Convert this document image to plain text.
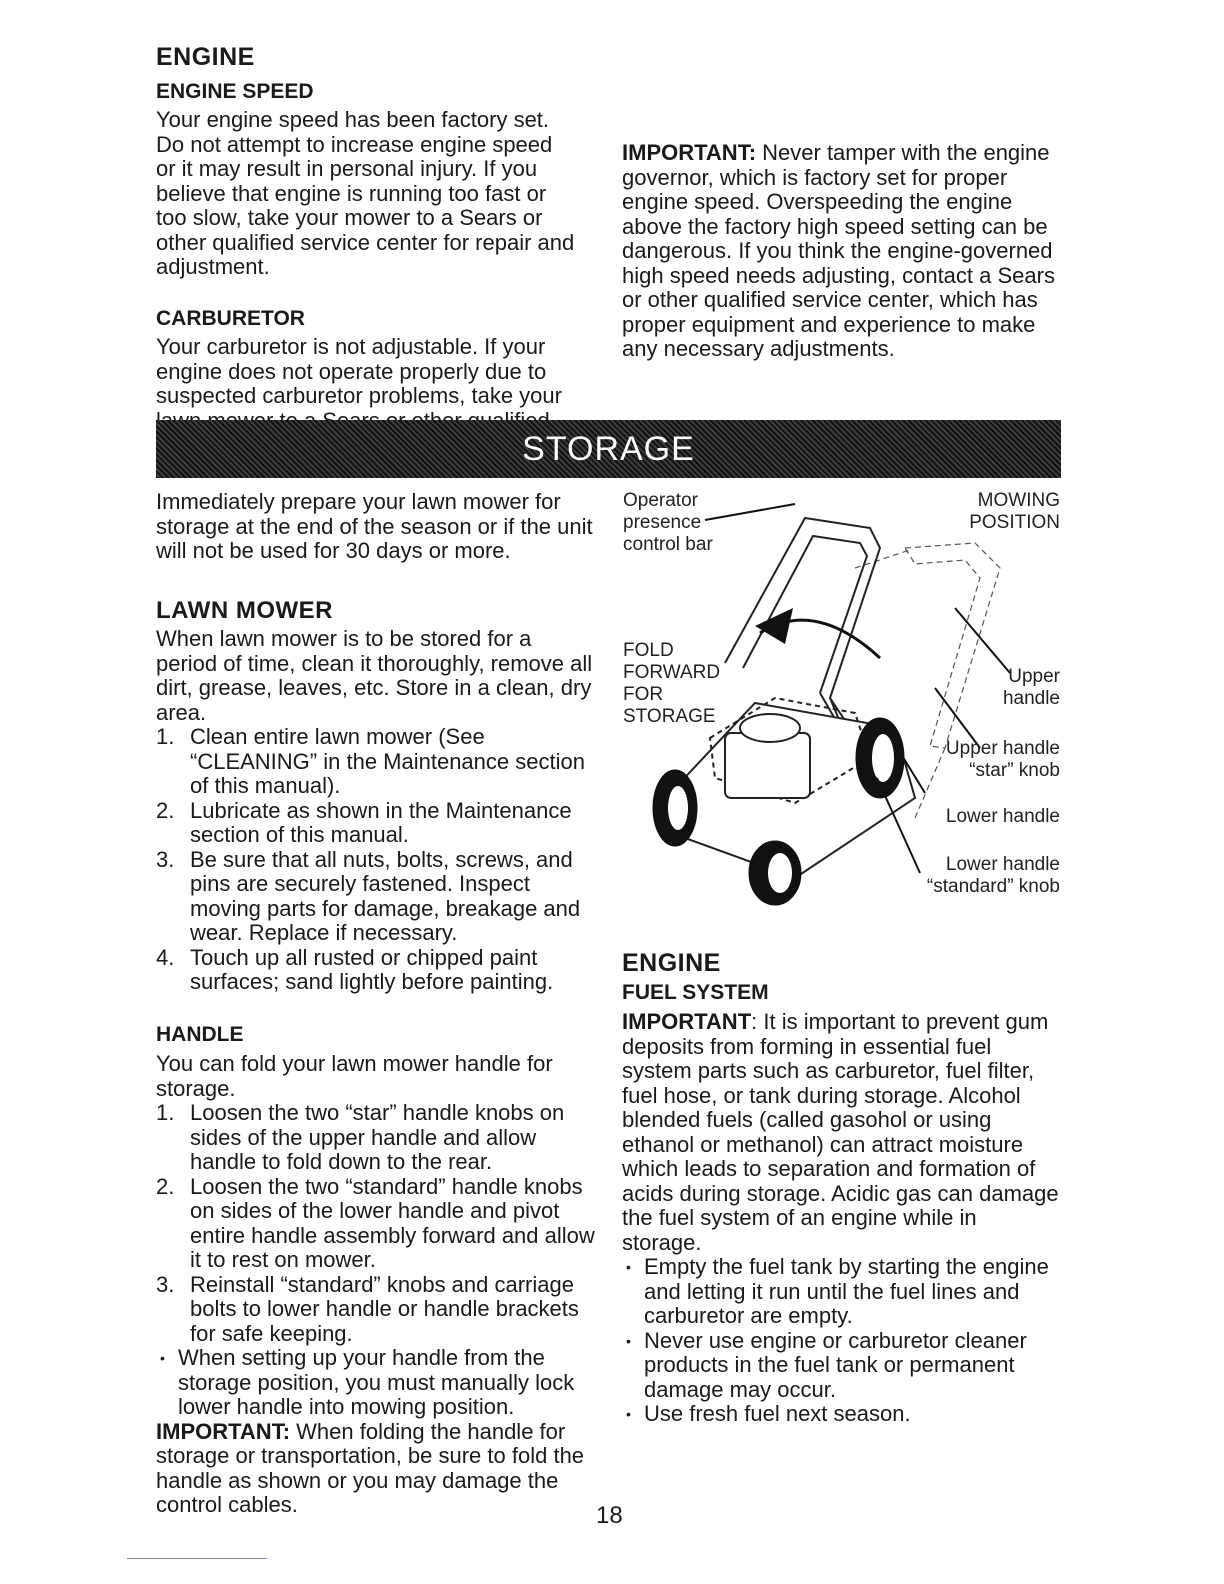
ENGINE
ENGINE SPEED
Your engine speed has been factory set. Do not attempt to increase engine speed or it may result in personal injury. If you believe that engine is running too fast or too slow, take your mower to a Sears or other qualified service center for repair and adjustment.
CARBURETOR
Your carburetor is not adjustable. If your engine does not operate properly due to suspected carburetor problems, take your
IMPORTANT: Never tamper with the engine governor, which is factory set for proper engine speed. Overspeeding the engine above the factory high speed setting can be dangerous. If you think the engine-governed high speed needs adjusting, contact a Sears or other qualified service center, which has proper equipment and experience to make any necessary adjustments.
STORAGE
Immediately prepare your lawn mower for storage at the end of the season or if the unit will not be used for 30 days or more.
LAWN MOWER

When lawn mower is to be stored for a period of time, clean it thoroughly, remove all dirt, grease, leaves, etc. Store in a clean, dry area.

1. Clean entire lawn mower (See “CLEANING” in the Maintenance section of this manual).
2. Lubricate as shown in the Maintenance section of this manual.
3. Be sure that all nuts, bolts, screws, and pins are securely fastened. Inspect moving parts for damage, breakage and wear. Replace if necessary.
4. Touch up all rusted or chipped paint surfaces; sand lightly before painting.
HANDLE

You can fold your lawn mower handle for storage.

1. Loosen the two “star” handle knobs on sides of the upper handle and allow handle to fold down to the rear.
2. Loosen the two “standard” handle knobs on sides of the lower handle and pivot entire handle assembly forward and allow it to rest on mower.
3. Reinstall “standard” knobs and carriage bolts to lower handle or handle brackets for safe keeping.
• When setting up your handle from the storage position, you must manually lock lower handle into mowing position.

IMPORTANT: When folding the handle for storage or transportation, be sure to fold the handle as shown or you may damage the control cables.

Operator presence control bar
MOWING POSITION
FOLD FORWARD FOR STORAGE
Upper handle
Upper handle “star” knob
Lower handle
Lower handle “standard” knob
ENGINE
FUEL SYSTEM

IMPORTANT: It is important to prevent gum deposits from forming in essential fuel system parts such as carburetor, fuel filter, fuel hose, or tank during storage. Alcohol blended fuels (called gasohol or using ethanol or methanol) can attract moisture which leads to separation and formation of acids during storage. Acidic gas can damage the fuel system of an engine while in storage.

• Empty the fuel tank by starting the engine and letting it run until the fuel lines and carburetor are empty.
• Never use engine or carburetor cleaner products in the fuel tank or permanent damage may occur.
• Use fresh fuel next season.
18
